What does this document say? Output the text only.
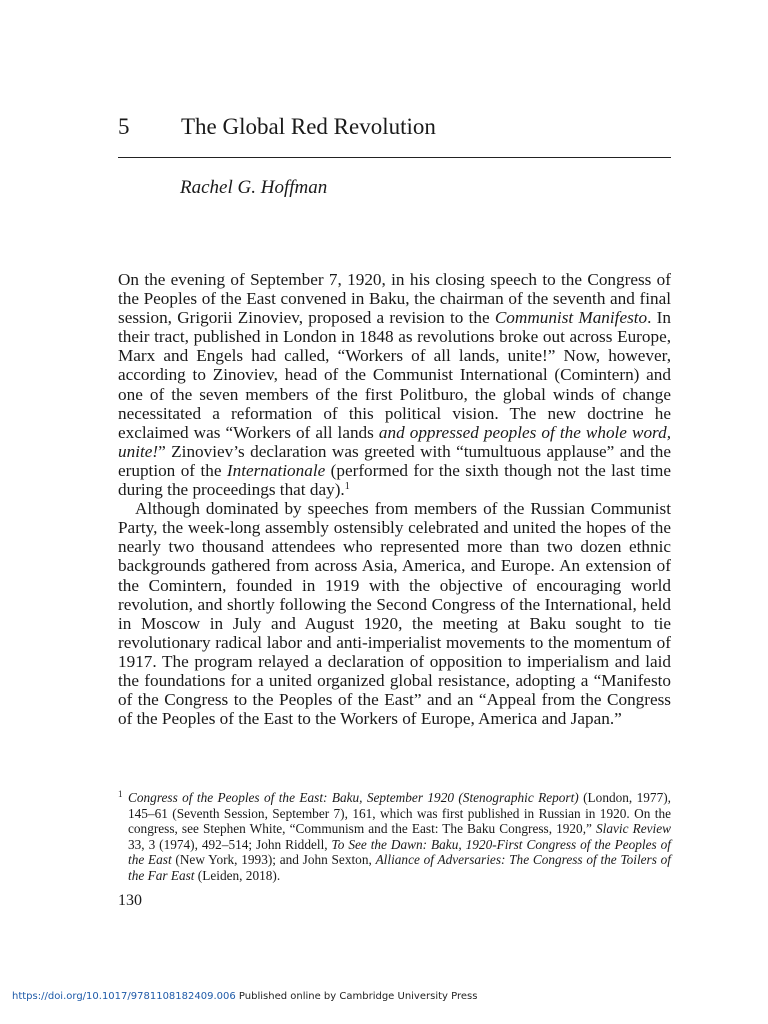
5 The Global Red Revolution
Rachel G. Hoffman

On the evening of September 7, 1920, in his closing speech to the Congress of the Peoples of the East convened in Baku, the chairman of the seventh and final session, Grigorii Zinoviev, proposed a revision to the Communist Manifesto. In their tract, published in London in 1848 as revolutions broke out across Europe, Marx and Engels had called, “Workers of all lands, unite!” Now, however, according to Zinoviev, head of the Communist International (Comintern) and one of the seven members of the first Politburo, the global winds of change necessitated a reformation of this political vision. The new doctrine he exclaimed was “Workers of all lands and oppressed peoples of the whole word, unite!” Zinoviev’s declaration was greeted with “tumultuous applause” and the eruption of the Internationale (performed for the sixth though not the last time during the proceedings that day).$^1$

Although dominated by speeches from members of the Russian Communist Party, the week-long assembly ostensibly celebrated and united the hopes of the nearly two thousand attendees who represented more than two dozen ethnic backgrounds gathered from across Asia, America, and Europe. An extension of the Comintern, founded in 1919 with the objective of encouraging world revolution, and shortly following the Second Congress of the International, held in Moscow in July and August 1920, the meeting at Baku sought to tie revolutionary radical labor and anti-imperialist movements to the momentum of 1917. The program relayed a declaration of opposition to imperialism and laid the foundations for a united organized global resistance, adopting a “Manifesto of the Congress to the Peoples of the East” and an “Appeal from the Congress of the Peoples of the East to the Workers of Europe, America and Japan.”

1 Congress of the Peoples of the East: Baku, September 1920 (Stenographic Report) (London, 1977), 145–61 (Seventh Session, September 7), 161, which was first published in Russian in 1920. On the congress, see Stephen White, “Communism and the East: The Baku Congress, 1920,” Slavic Review 33, 3 (1974), 492–514; John Riddell, To See the Dawn: Baku, 1920-First Congress of the Peoples of the East (New York, 1993); and John Sexton, Alliance of Adversaries: The Congress of the Toilers of the Far East (Leiden, 2018).
130
https://doi.org/10.1017/9781108182409.006 Published online by Cambridge University Press
